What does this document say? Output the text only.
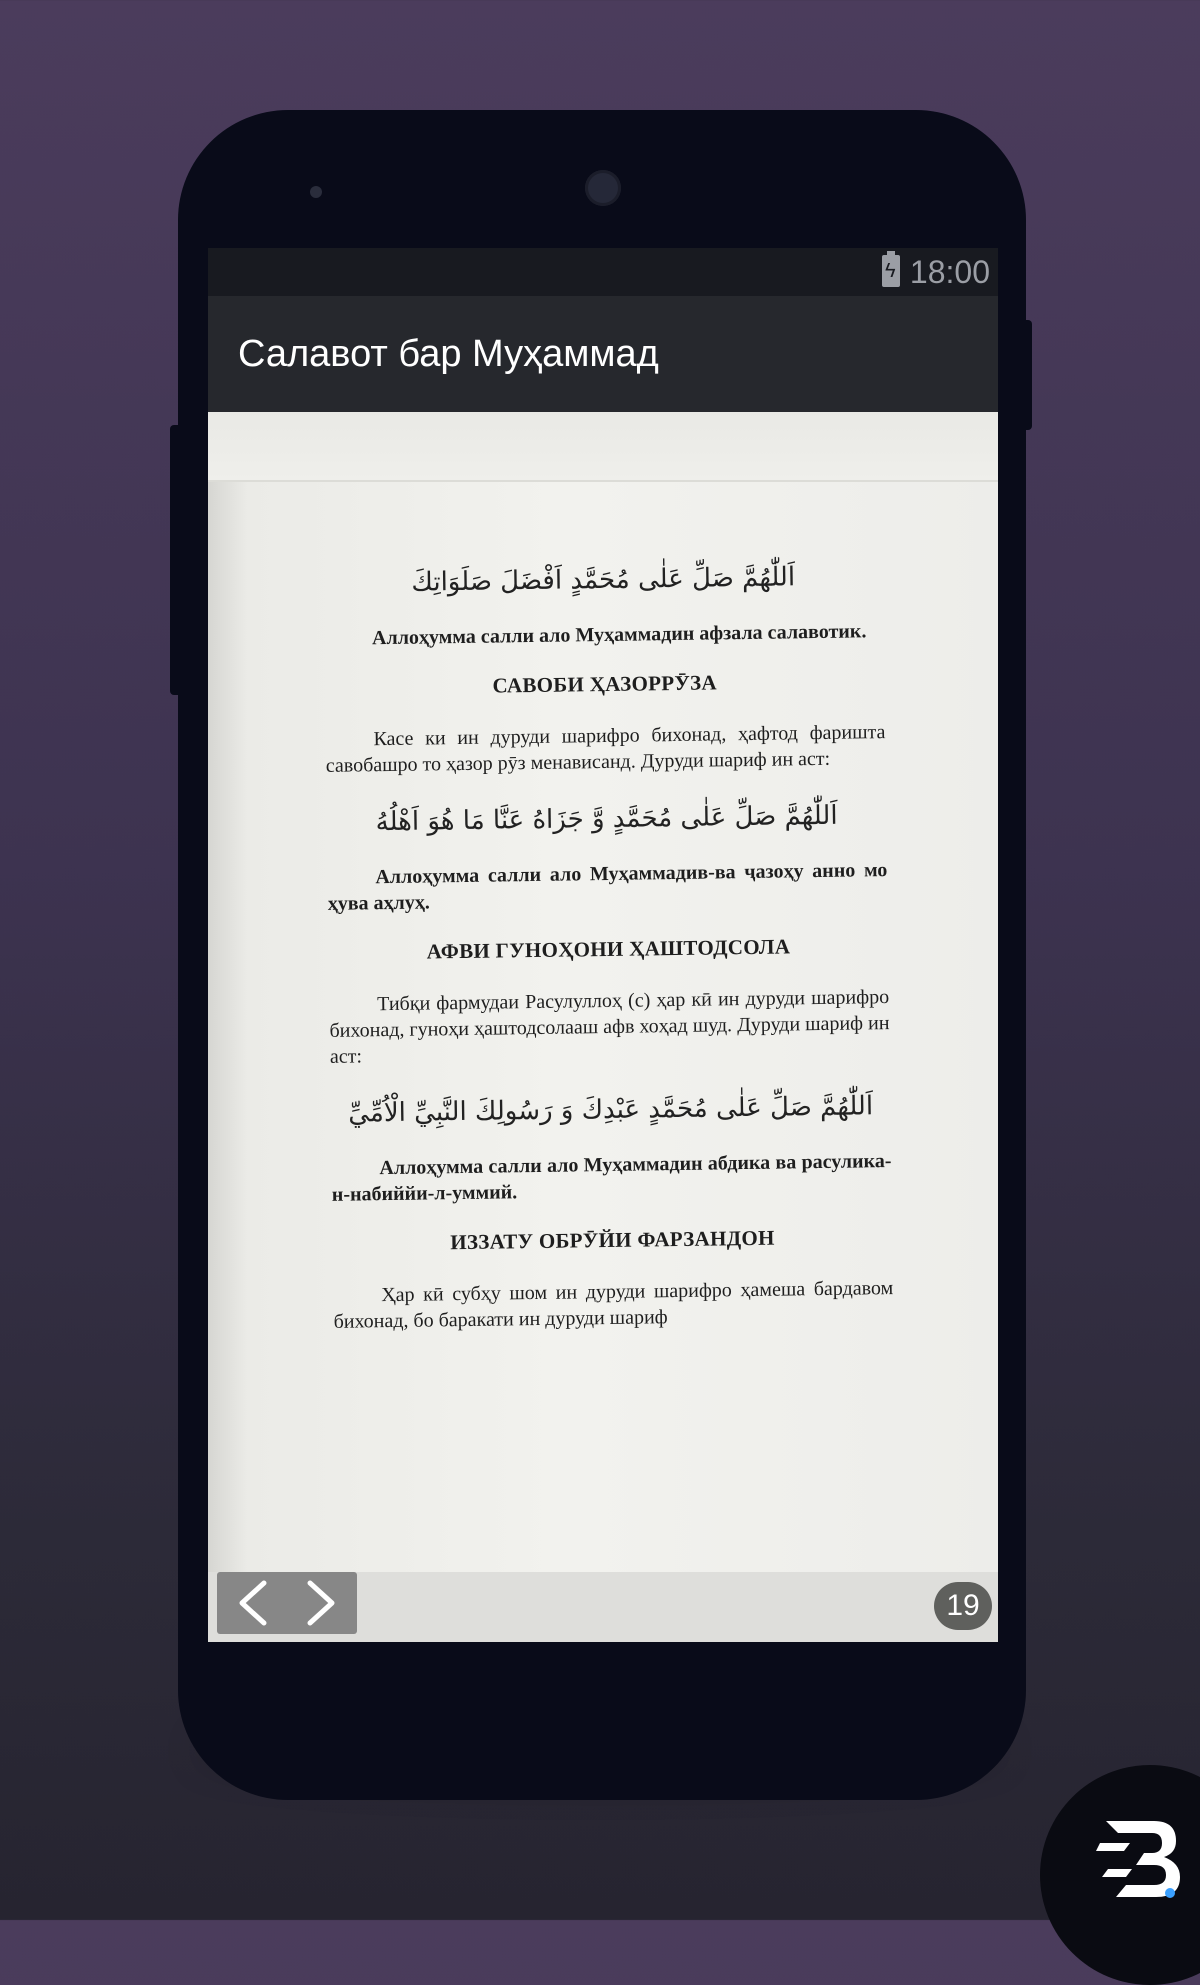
ϟ 18:00
Салавот бар Муҳаммад

اَللّٰهُمَّ صَلِّ عَلٰى مُحَمَّدٍ اَفْضَلَ صَلَوَاتِكَ

Аллоҳумма салли ало Муҳаммадин афзала салавотик.

САВОБИ ҲАЗОРРӮЗА

Касе ки ин дуруди шарифро бихонад, ҳафтод фаришта савобашро то ҳазор рӯз менависанд. Дуруди шариф ин аст:

اَللّٰهُمَّ صَلِّ عَلٰى مُحَمَّدٍ وَّ جَزَاهُ عَنَّا مَا هُوَ اَهْلُهُ

Аллоҳумма салли ало Муҳаммадив-ва ҷазоҳу анно мо ҳува аҳлуҳ.

АФВИ ГУНОҲОНИ ҲАШТОДСОЛА

Тибқи фармудаи Расулуллоҳ (с) ҳар кӣ ин дуруди шарифро бихонад, гуноҳи ҳаштодсолааш афв хоҳад шуд. Дуруди шариф ин аст:

اَللّٰهُمَّ صَلِّ عَلٰى مُحَمَّدٍ عَبْدِكَ وَ رَسُولِكَ النَّبِيِّ الْاُمِّيِّ

Аллоҳумма салли ало Муҳаммадин абдика ва расулика-н-набиййи-л-уммий.

ИЗЗАТУ ОБРӮЙИ ФАРЗАНДОН

Ҳар кӣ субҳу шом ин дуруди шарифро ҳамеша бардавом бихонад, бо баракати ин дуруди шариф

19
